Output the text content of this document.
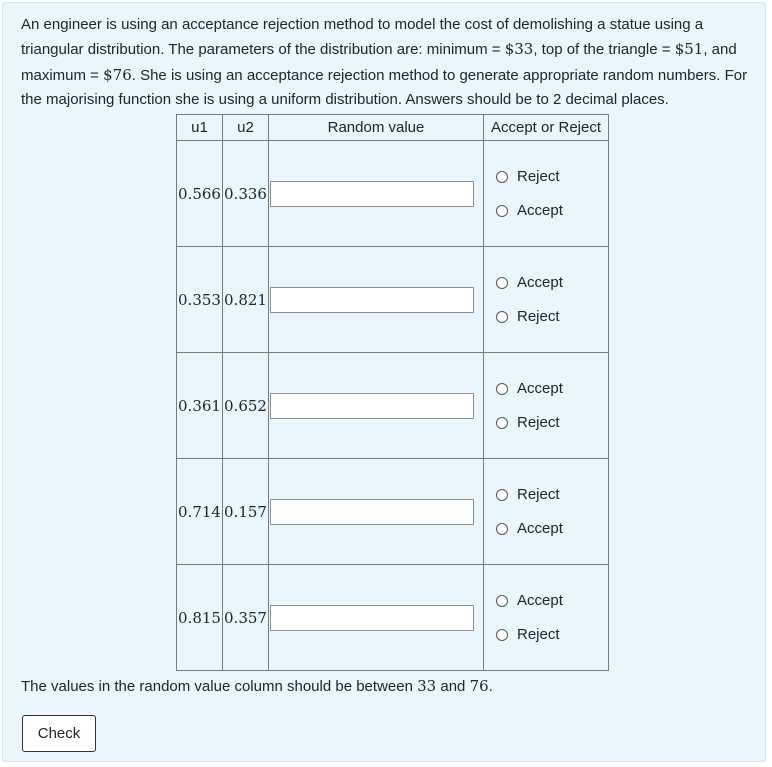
An engineer is using an acceptance rejection method to model the cost of demolishing a statue using a triangular distribution. The parameters of the distribution are: minimum = $33, top of the triangle = $51, and maximum = $76. She is using an acceptance rejection method to generate appropriate random numbers. For the majorising function she is using a uniform distribution. Answers should be to 2 decimal places.

u1	u2	Random value	Accept or Reject
0.566	0.336		Reject
Accept

0.353	0.821		Accept
Reject

0.361	0.652		Accept
Reject

0.714	0.157		Reject
Accept

0.815	0.357		Accept
Reject

The values in the random value column should be between 33 and 76.

Check
